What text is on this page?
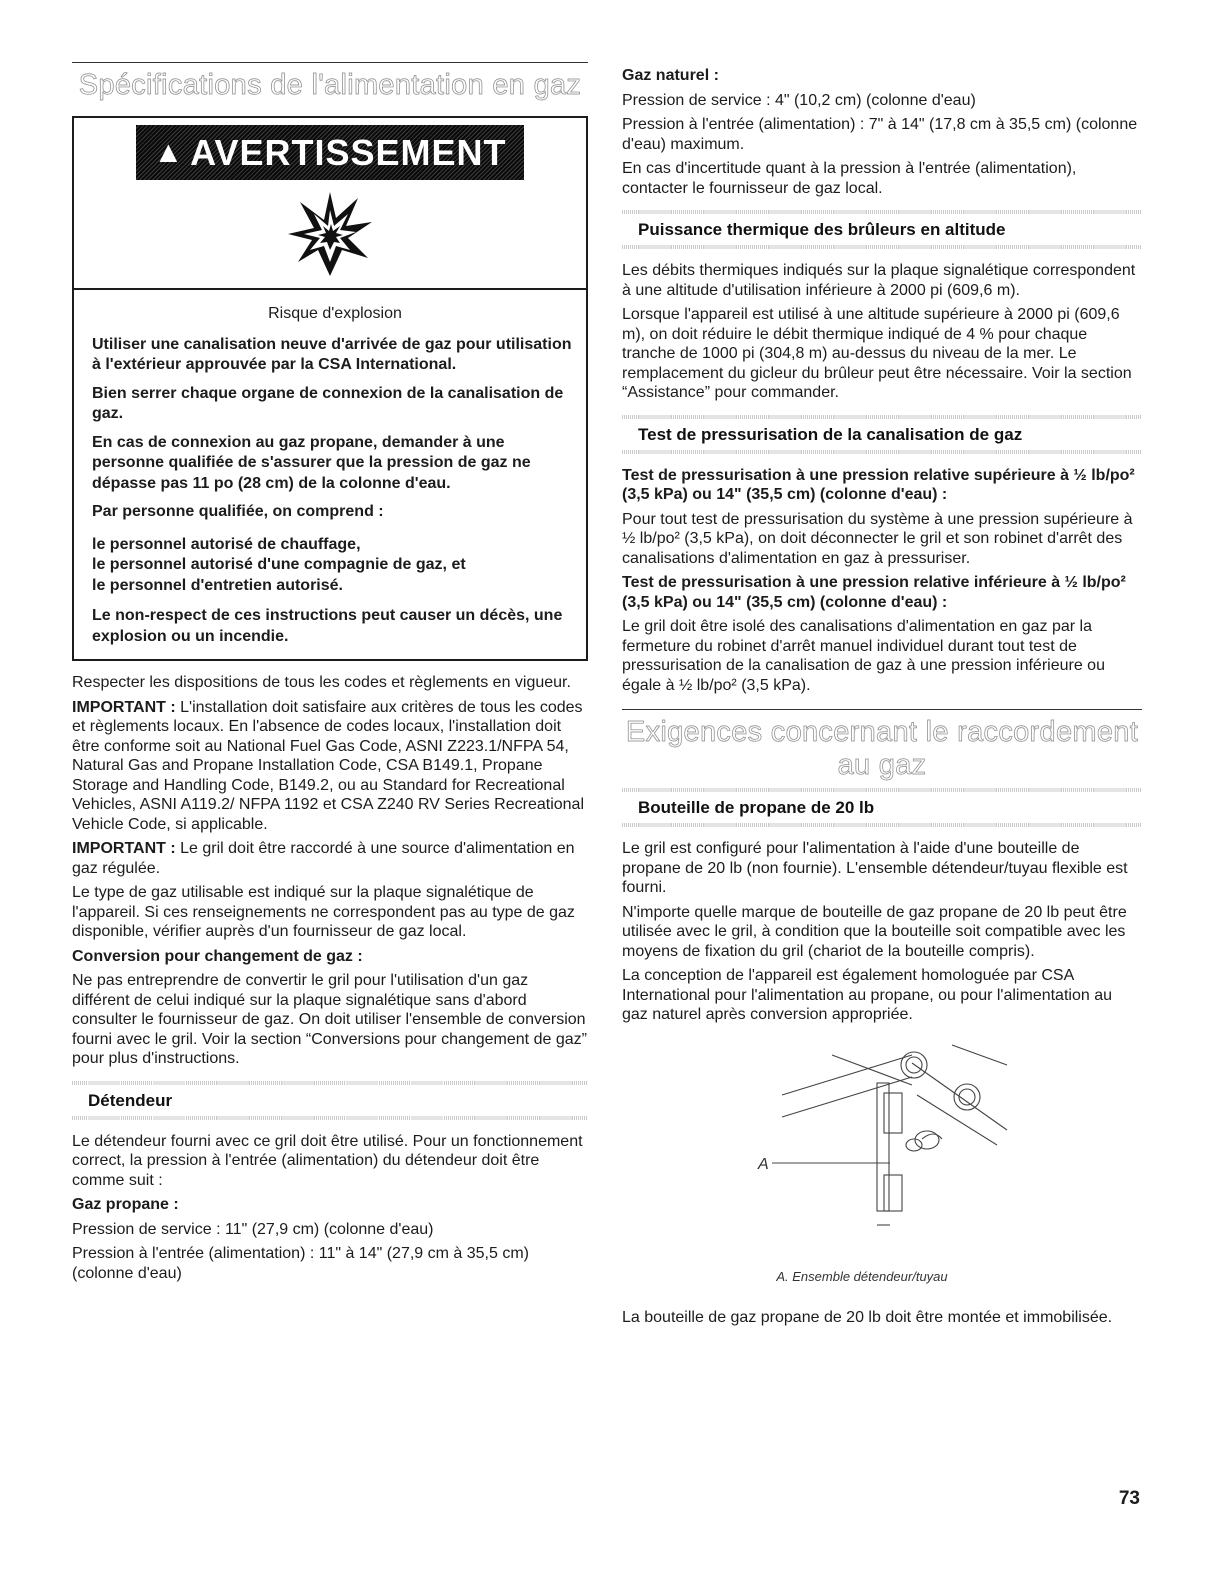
Spécifications de l'alimentation en gaz
▲ AVERTISSEMENT

Risque d'explosion

Utiliser une canalisation neuve d'arrivée de gaz pour utilisation à l'extérieur approuvée par la CSA International.

Bien serrer chaque organe de connexion de la canalisation de gaz.

En cas de connexion au gaz propane, demander à une personne qualifiée de s'assurer que la pression de gaz ne dépasse pas 11 po (28 cm) de la colonne d'eau.

Par personne qualifiée, on comprend :

le personnel autorisé de chauffage,

le personnel autorisé d'une compagnie de gaz, et

le personnel d'entretien autorisé.

Le non-respect de ces instructions peut causer un décès, une explosion ou un incendie.

Respecter les dispositions de tous les codes et règlements en vigueur.

IMPORTANT : L'installation doit satisfaire aux critères de tous les codes et règlements locaux. En l'absence de codes locaux, l'installation doit être conforme soit au National Fuel Gas Code, ASNI Z223.1/NFPA 54, Natural Gas and Propane Installation Code, CSA B149.1, Propane Storage and Handling Code, B149.2, ou au Standard for Recreational Vehicles, ASNI A119.2/ NFPA 1192 et CSA Z240 RV Series Recreational Vehicle Code, si applicable.

IMPORTANT : Le gril doit être raccordé à une source d'alimentation en gaz régulée.

Le type de gaz utilisable est indiqué sur la plaque signalétique de l'appareil. Si ces renseignements ne correspondent pas au type de gaz disponible, vérifier auprès d'un fournisseur de gaz local.

Conversion pour changement de gaz :

Ne pas entreprendre de convertir le gril pour l'utilisation d'un gaz différent de celui indiqué sur la plaque signalétique sans d'abord consulter le fournisseur de gaz. On doit utiliser l'ensemble de conversion fourni avec le gril. Voir la section “Conversions pour changement de gaz” pour plus d'instructions.

Détendeur

Le détendeur fourni avec ce gril doit être utilisé. Pour un fonctionnement correct, la pression à l'entrée (alimentation) du détendeur doit être comme suit :

Gaz propane :

Pression de service : 11" (27,9 cm) (colonne d'eau)

Pression à l'entrée (alimentation) : 11" à 14" (27,9 cm à 35,5 cm) (colonne d'eau)

Gaz naturel :

Pression de service : 4" (10,2 cm) (colonne d'eau)

Pression à l'entrée (alimentation) : 7" à 14" (17,8 cm à 35,5 cm) (colonne d'eau) maximum.

En cas d'incertitude quant à la pression à l'entrée (alimentation), contacter le fournisseur de gaz local.

Puissance thermique des brûleurs en altitude

Les débits thermiques indiqués sur la plaque signalétique correspondent à une altitude d'utilisation inférieure à 2000 pi (609,6 m).

Lorsque l'appareil est utilisé à une altitude supérieure à 2000 pi (609,6 m), on doit réduire le débit thermique indiqué de 4 % pour chaque tranche de 1000 pi (304,8 m) au-dessus du niveau de la mer. Le remplacement du gicleur du brûleur peut être nécessaire. Voir la section “Assistance” pour commander.

Test de pressurisation de la canalisation de gaz

Test de pressurisation à une pression relative supérieure à ½ lb/po² (3,5 kPa) ou 14" (35,5 cm) (colonne d'eau) :

Pour tout test de pressurisation du système à une pression supérieure à ½ lb/po² (3,5 kPa), on doit déconnecter le gril et son robinet d'arrêt des canalisations d'alimentation en gaz à pressuriser.

Test de pressurisation à une pression relative inférieure à ½ lb/po² (3,5 kPa) ou 14" (35,5 cm) (colonne d'eau) :

Le gril doit être isolé des canalisations d'alimentation en gaz par la fermeture du robinet d'arrêt manuel individuel durant tout test de pressurisation de la canalisation de gaz à une pression inférieure ou égale à ½ lb/po² (3,5 kPa).

Exigences concernant le raccordement au gaz
Bouteille de propane de 20 lb

Le gril est configuré pour l'alimentation à l'aide d'une bouteille de propane de 20 lb (non fournie). L'ensemble détendeur/tuyau flexible est fourni.

N'importe quelle marque de bouteille de gaz propane de 20 lb peut être utilisée avec le gril, à condition que la bouteille soit compatible avec les moyens de fixation du gril (chariot de la bouteille compris).

La conception de l'appareil est également homologuée par CSA International pour l'alimentation au propane, ou pour l'alimentation au gaz naturel après conversion appropriée.

A

A. Ensemble détendeur/tuyau

La bouteille de gaz propane de 20 lb doit être montée et immobilisée.

73
